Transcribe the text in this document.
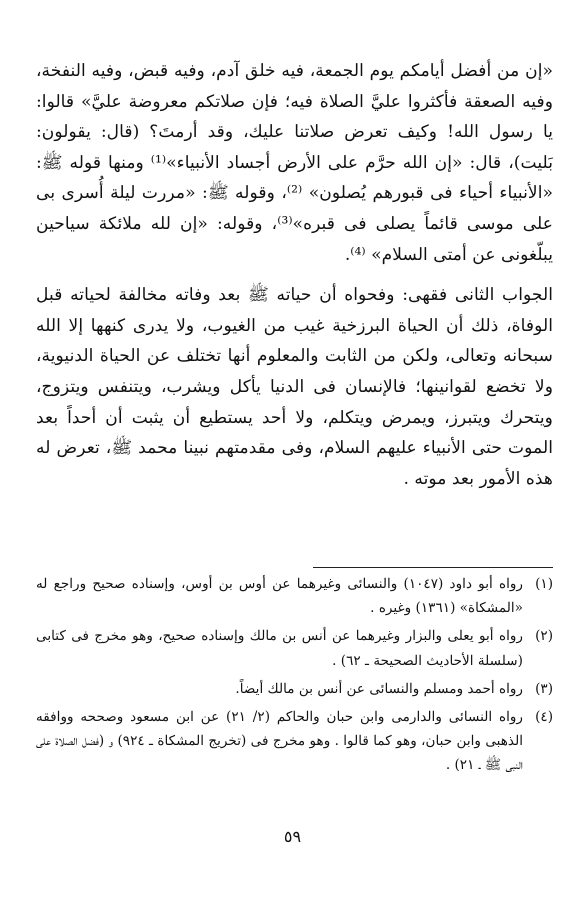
«إن من أفضل أيامكم يوم الجمعة، فيه خلق آدم، وفيه قبض، وفيه النفخة، وفيه الصعقة فأكثروا عليَّ الصلاة فيه؛ فإن صلاتكم معروضة عليَّ» قالوا: يا رسول الله! وكيف تعرض صلاتنا عليك، وقد أرمتَ؟ (قال: يقولون: بَليت)، قال: «إن الله حرَّم على الأرض أجساد الأنبياء»⁽¹⁾ ومنها قوله ﷺ: «الأنبياء أحياء فى قبورهم يُصلون» ⁽²⁾، وقوله ﷺ: «مررت ليلة أُسرى بى على موسى قائماً يصلى فى قبره»⁽³⁾، وقوله: «إن لله ملائكة سياحين يبلّغونى عن أمتى السلام» ⁽⁴⁾.

الجواب الثانى فقهى: وفحواه أن حياته ﷺ بعد وفاته مخالفة لحياته قبل الوفاة، ذلك أن الحياة البرزخية غيب من الغيوب، ولا يدرى كنهها إلا الله سبحانه وتعالى، ولكن من الثابت والمعلوم أنها تختلف عن الحياة الدنيوية، ولا تخضع لقوانينها؛ فالإنسان فى الدنيا يأكل ويشرب، ويتنفس ويتزوج، ويتحرك ويتبرز، ويمرض ويتكلم، ولا أحد يستطيع أن يثبت أن أحداً بعد الموت حتى الأنبياء عليهم السلام، وفى مقدمتهم نبينا محمد ﷺ، تعرض له هذه الأمور بعد موته .

(١)
رواه أبو داود (١٠٤٧) والنسائى وغيرهما عن أوس بن أوس، وإسناده صحيح وراجع له «المشكاة» (١٣٦١) وغيره .

(٢)
رواه أبو يعلى والبزار وغيرهما عن أنس بن مالك وإسناده صحيح، وهو مخرج فى كتابى (سلسلة الأحاديث الصحيحة ـ ٦٢) .

(٣)
رواه أحمد ومسلم والنسائى عن أنس بن مالك أيضاً.

(٤)
رواه النسائى والدارمى وابن حبان والحاكم (٢/ ٢١) عن ابن مسعود وصححه ووافقه الذهبى وابن حبان، وهو كما قالوا . وهو مخرج فى (تخريج المشكاة ـ ٩٢٤) و (فضل الصلاة على النبى ﷺ ـ ٢١) .

٥٩
